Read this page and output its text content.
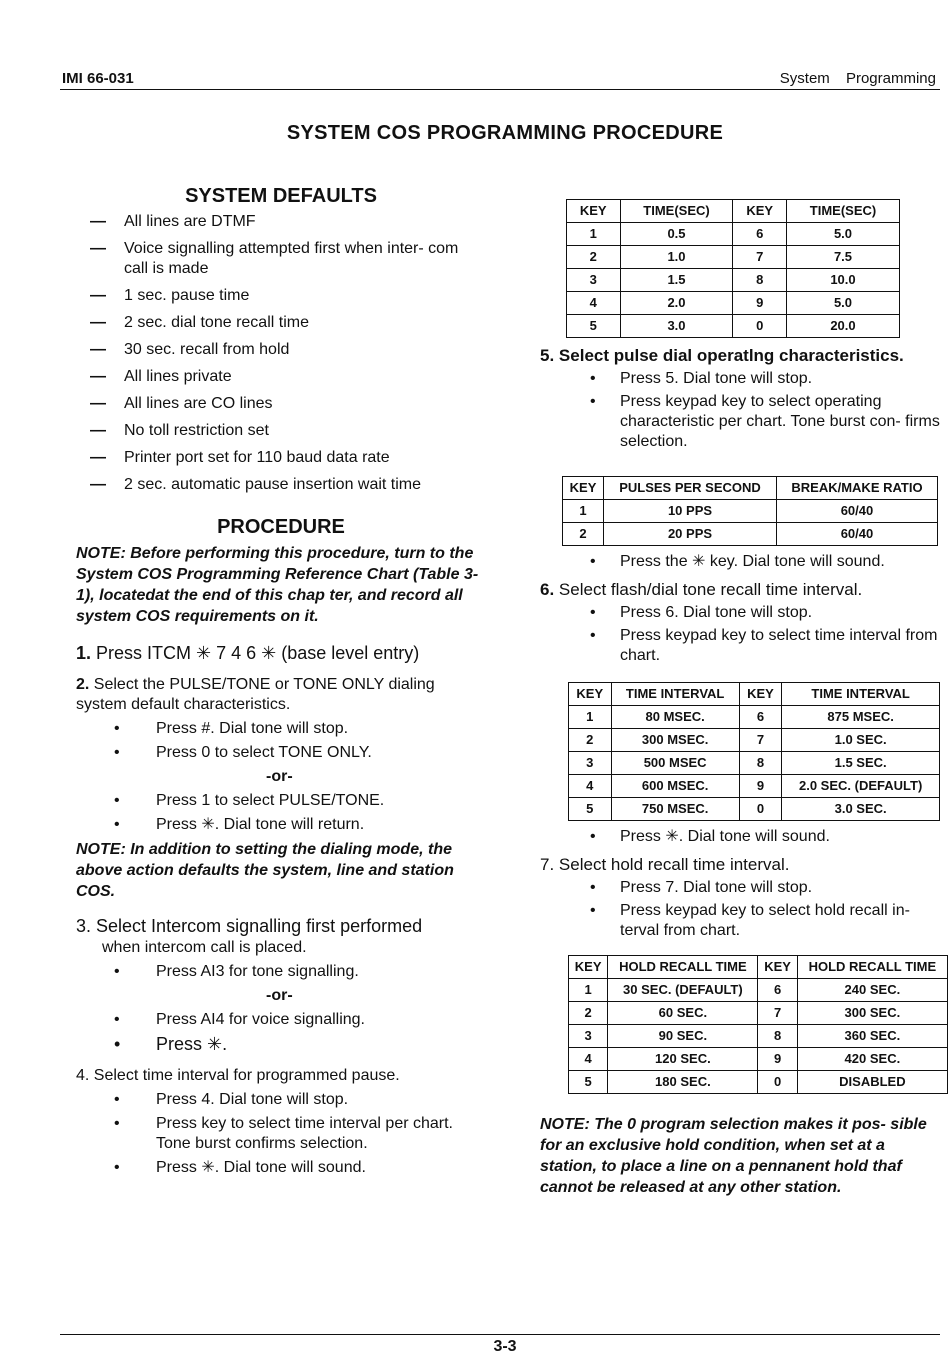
IMI 66-031	System Programming
SYSTEM COS PROGRAMMING PROCEDURE
SYSTEM DEFAULTS
—	All lines are DTMF
—	Voice signalling attempted first when inter- com call is made
—	1 sec. pause time
—	2 sec. dial tone recall time
—	30 sec. recall from hold
—	All lines private
—	All lines are CO lines
—	No toll restriction set
—	Printer port set for 110 baud data rate
—	2 sec. automatic pause insertion wait time
PROCEDURE

NOTE: Before performing this procedure, turn to the System COS Programming Reference Chart (Table 3-1), locatedat the end of this chap ter, and record all system COS requirements on it.

1. Press ITCM ✳ 7 4 6 ✳ (base level entry)
2. Select the PULSE/TONE or TONE ONLY dialing system default characteristics.
•	Press #. Dial tone will stop.
•	Press 0 to select TONE ONLY.
-or-
•	Press 1 to select PULSE/TONE.
•	Press ✳. Dial tone will return.

NOTE: In addition to setting the dialing mode, the above action defaults the system, line and station COS.

3. Select Intercom signalling first performed
when intercom call is placed.
•	Press AI3 for tone signalling.
-or-
•	Press AI4 for voice signalling.
•	Press ✳.
4. Select time interval for programmed pause.
•	Press 4. Dial tone will stop.
•	Press key to select time interval per chart. Tone burst confirms selection.
•	Press ✳. Dial tone will sound.
KEY	TIME(SEC)	KEY	TIME(SEC)
1	0.5	6	5.0
2	1.0	7	7.5
3	1.5	8	10.0
4	2.0	9	5.0
5	3.0	0	20.0
5. Select pulse dial operatlng characteristics.
•	Press 5. Dial tone will stop.
•	Press keypad key to select operating characteristic per chart. Tone burst con- firms selection.
KEY	PULSES PER SECOND	BREAK/MAKE RATIO
1	10 PPS	60/40
2	20 PPS	60/40
•	Press the ✳ key. Dial tone will sound.
6. Select flash/dial tone recall time interval.
•	Press 6. Dial tone will stop.
•	Press keypad key to select time interval from chart.
KEY	TIME INTERVAL	KEY	TIME INTERVAL
1	80 MSEC.	6	875 MSEC.
2	300 MSEC.	7	1.0 SEC.
3	500 MSEC	8	1.5 SEC.
4	600 MSEC.	9	2.0 SEC. (DEFAULT)
5	750 MSEC.	0	3.0 SEC.
•	Press ✳. Dial tone will sound.
7. Select hold recall time interval.
•	Press 7. Dial tone will stop.
•	Press keypad key to select hold recall in- terval from chart.
KEY	HOLD RECALL TIME	KEY	HOLD RECALL TIME
1	30 SEC. (DEFAULT)	6	240 SEC.
2	60 SEC.	7	300 SEC.
3	90 SEC.	8	360 SEC.
4	120 SEC.	9	420 SEC.
5	180 SEC.	0	DISABLED

NOTE: The 0 program selection makes it pos- sible for an exclusive hold condition, when set at a station, to place a line on a pennanent hold thaf cannot be released at any other station.

3-3
